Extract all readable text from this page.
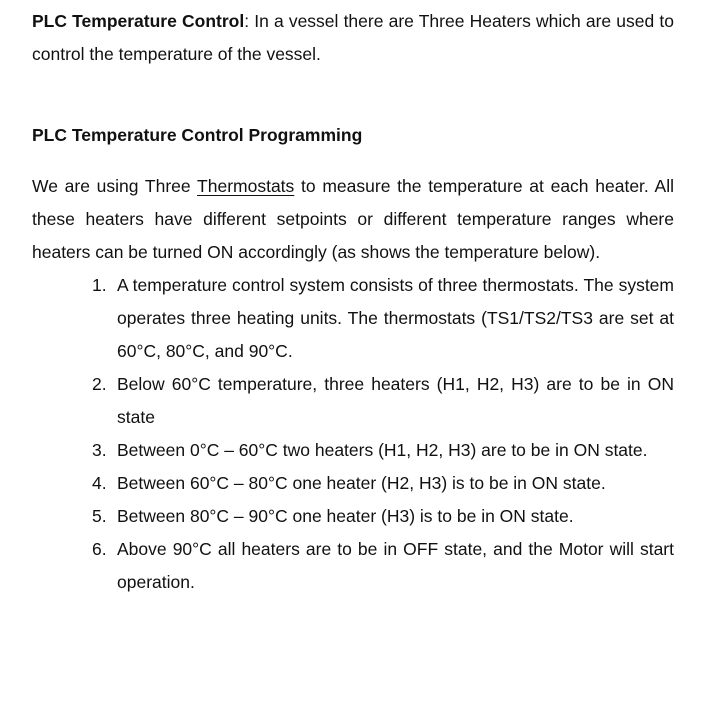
PLC Temperature Control: In a vessel there are Three Heaters which are used to control the temperature of the vessel.

PLC Temperature Control Programming

We are using Three Thermostats to measure the temperature at each heater. All these heaters have different setpoints or different temperature ranges where heaters can be turned ON accordingly (as shows the temperature below).

1. A temperature control system consists of three thermostats. The system operates three heating units. The thermostats (TS1/TS2/TS3 are set at 60°C, 80°C, and 90°C.
2. Below 60°C temperature, three heaters (H1, H2, H3) are to be in ON state
3. Between 0°C – 60°C two heaters (H1, H2, H3) are to be in ON state.
4. Between 60°C – 80°C one heater (H2, H3) is to be in ON state.
5. Between 80°C – 90°C one heater (H3) is to be in ON state.
6. Above 90°C all heaters are to be in OFF state, and the Motor will start operation.
